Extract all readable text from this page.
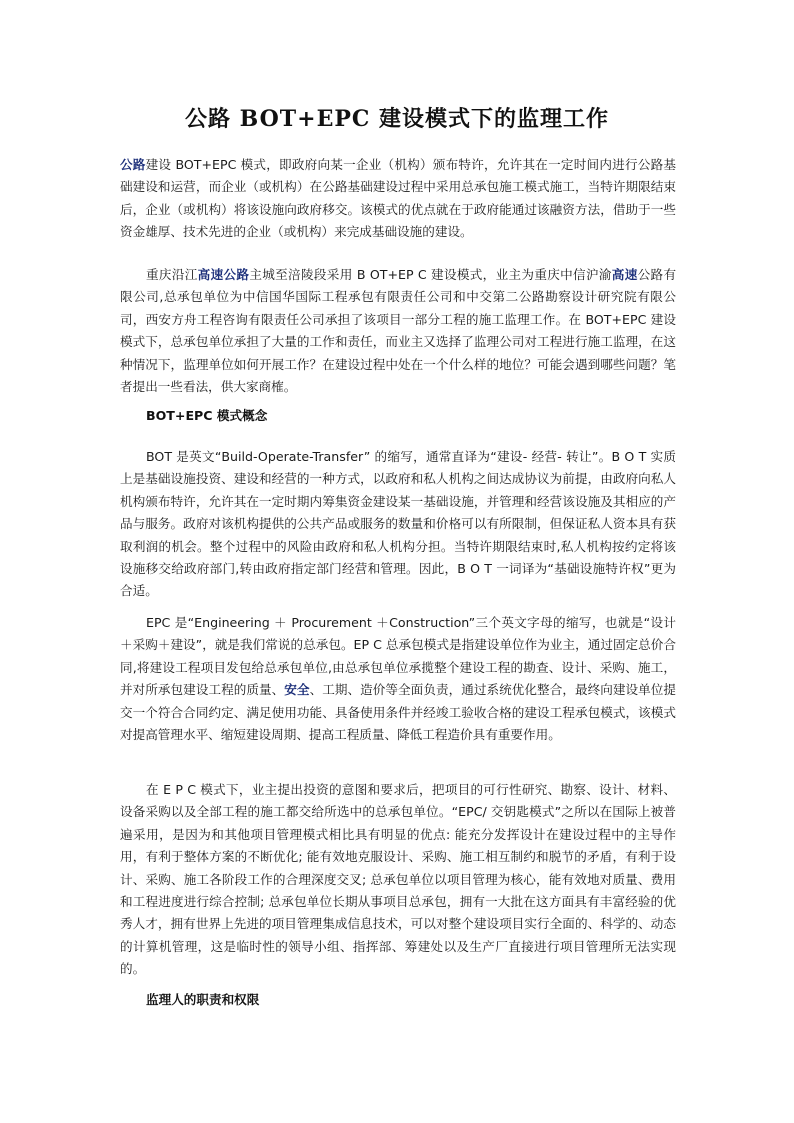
公路 BOT+EPC 建设模式下的监理工作

公路建设 BOT+EPC 模式，即政府向某一企业（机构）颁布特许，允许其在一定时间内进行公路基础建设和运营，而企业（或机构）在公路基础建设过程中采用总承包施工模式施工，当特许期限结束后，企业（或机构）将该设施向政府移交。该模式的优点就在于政府能通过该融资方法，借助于一些资金雄厚、技术先进的企业（或机构）来完成基础设施的建设。

重庆沿江高速公路主城至涪陵段采用 B OT+EP C 建设模式，业主为重庆中信沪渝高速公路有限公司,总承包单位为中信国华国际工程承包有限责任公司和中交第二公路勘察设计研究院有限公司，西安方舟工程咨询有限责任公司承担了该项目一部分工程的施工监理工作。在 BOT+EPC 建设模式下，总承包单位承担了大量的工作和责任，而业主又选择了监理公司对工程进行施工监理，在这种情况下，监理单位如何开展工作？在建设过程中处在一个什么样的地位？可能会遇到哪些问题？笔者提出一些看法，供大家商榷。

BOT+EPC 模式概念

BOT 是英文“Build-Operate-Transfer” 的缩写，通常直译为“建设- 经营- 转让”。B O T 实质上是基础设施投资、建设和经营的一种方式，以政府和私人机构之间达成协议为前提，由政府向私人机构颁布特许，允许其在一定时期内筹集资金建设某一基础设施，并管理和经营该设施及其相应的产品与服务。政府对该机构提供的公共产品或服务的数量和价格可以有所限制，但保证私人资本具有获取利润的机会。整个过程中的风险由政府和私人机构分担。当特许期限结束时,私人机构按约定将该设施移交给政府部门,转由政府指定部门经营和管理。因此，B O T 一词译为“基础设施特许权”更为合适。

EPC 是“Engineering ＋ Procurement ＋Construction”三个英文字母的缩写，也就是“设计＋采购＋建设”，就是我们常说的总承包。EP C 总承包模式是指建设单位作为业主，通过固定总价合同,将建设工程项目发包给总承包单位,由总承包单位承揽整个建设工程的勘查、设计、采购、施工，并对所承包建设工程的质量、安全、工期、造价等全面负责，通过系统优化整合，最终向建设单位提交一个符合合同约定、满足使用功能、具备使用条件并经竣工验收合格的建设工程承包模式，该模式对提高管理水平、缩短建设周期、提高工程质量、降低工程造价具有重要作用。

在 E P C 模式下，业主提出投资的意图和要求后，把项目的可行性研究、勘察、设计、材料、设备采购以及全部工程的施工都交给所选中的总承包单位。“EPC/ 交钥匙模式”之所以在国际上被普遍采用，是因为和其他项目管理模式相比具有明显的优点: 能充分发挥设计在建设过程中的主导作用，有利于整体方案的不断优化; 能有效地克服设计、采购、施工相互制约和脱节的矛盾，有利于设计、采购、施工各阶段工作的合理深度交叉; 总承包单位以项目管理为核心，能有效地对质量、费用和工程进度进行综合控制; 总承包单位长期从事项目总承包，拥有一大批在这方面具有丰富经验的优秀人才，拥有世界上先进的项目管理集成信息技术，可以对整个建设项目实行全面的、科学的、动态的计算机管理，这是临时性的领导小组、指挥部、筹建处以及生产厂直接进行项目管理所无法实现的。

监理人的职责和权限
